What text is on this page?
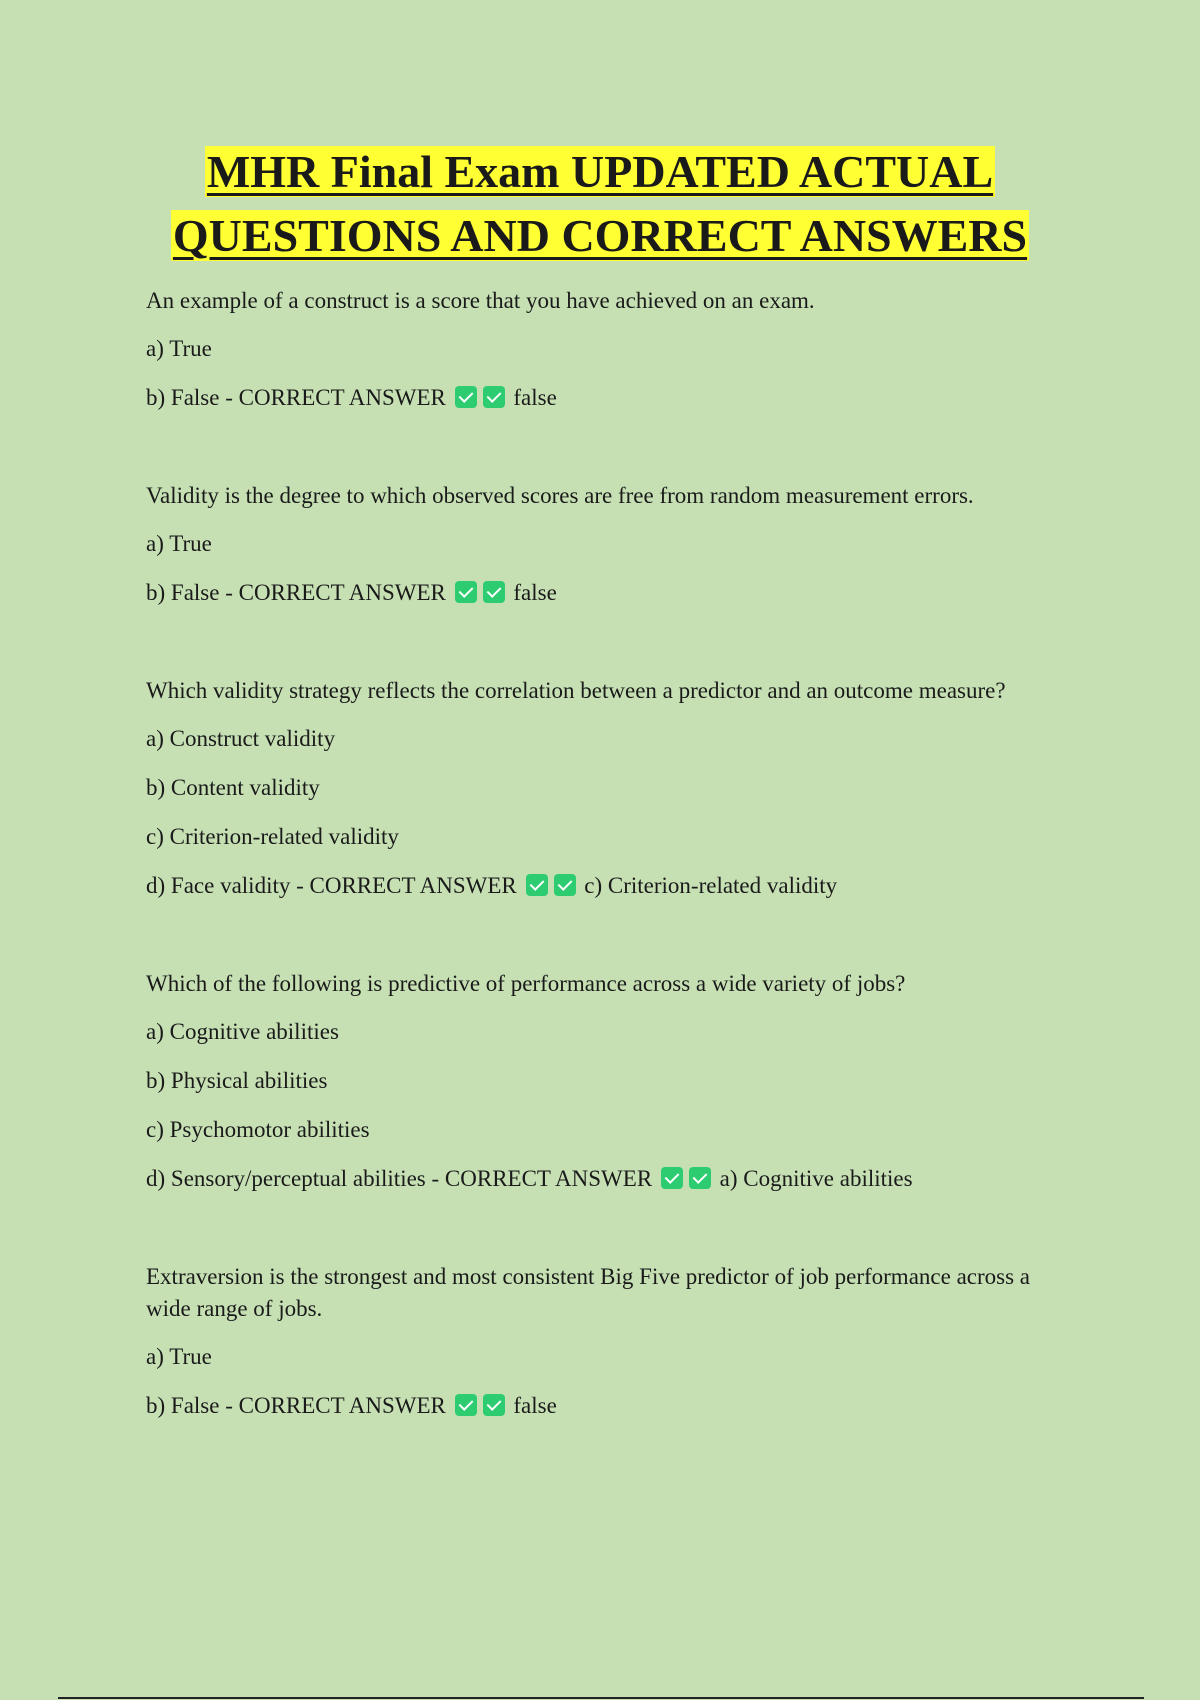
MHR Final Exam UPDATED ACTUAL
QUESTIONS AND CORRECT ANSWERS
An example of a construct is a score that you have achieved on an exam.
a) True
b) False - CORRECT ANSWER	false
Validity is the degree to which observed scores are free from random measurement errors.
a) True
b) False - CORRECT ANSWER	false
Which validity strategy reflects the correlation between a predictor and an outcome measure?
a) Construct validity
b) Content validity
c) Criterion-related validity
d) Face validity - CORRECT ANSWER	c) Criterion-related validity
Which of the following is predictive of performance across a wide variety of jobs?
a) Cognitive abilities
b) Physical abilities
c) Psychomotor abilities
d) Sensory/perceptual abilities - CORRECT ANSWER	a) Cognitive abilities
Extraversion is the strongest and most consistent Big Five predictor of job performance across a wide range of jobs.
a) True
b) False - CORRECT ANSWER	false
